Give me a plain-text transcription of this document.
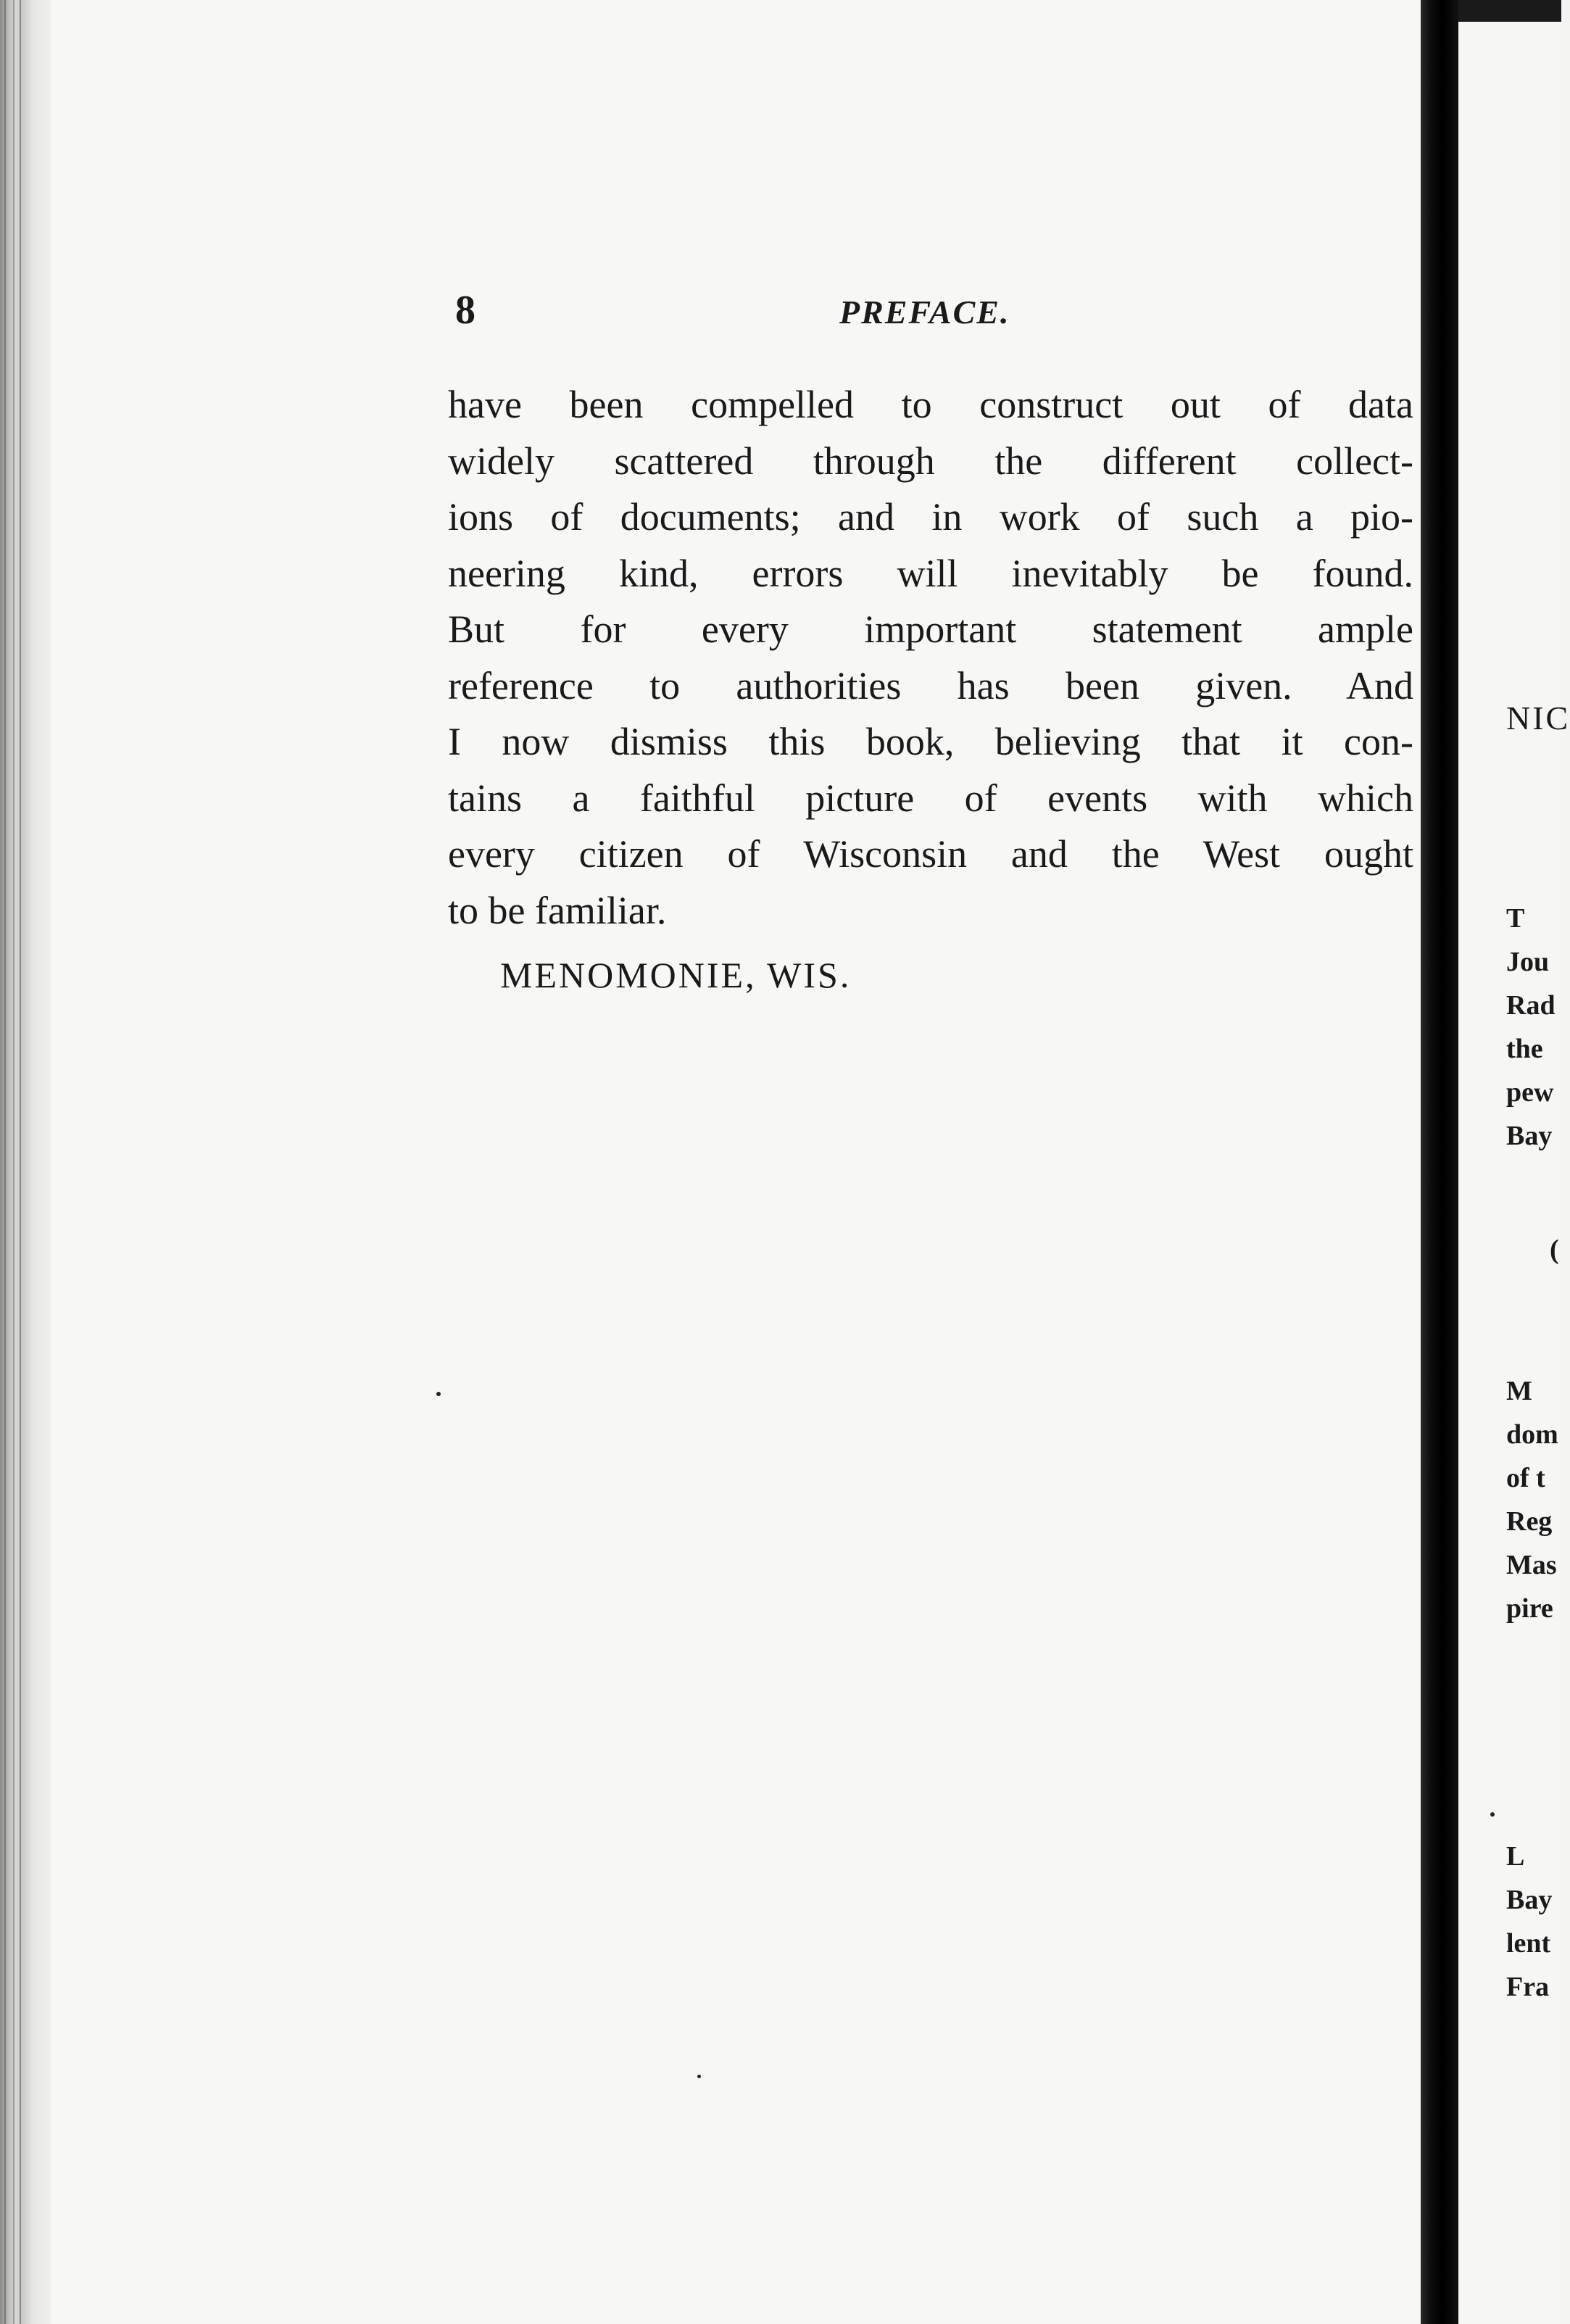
8	PREFACE.
have been compelled to construct out of data
widely scattered through the different collect-
ions of documents; and in work of such a pio-
neering kind, errors will inevitably be found.
But for every important statement ample
reference to authorities has been given. And
I now dismiss this book, believing that it con-
tains a faithful picture of events with which
every citizen of Wisconsin and the West ought
to be familiar.
MENOMONIE, WIS.
NIC
T
Jou
Rad
the
pew
Bay
(
M
dom
of t
Reg
Mas
pire
L
Bay
lent
Fra
